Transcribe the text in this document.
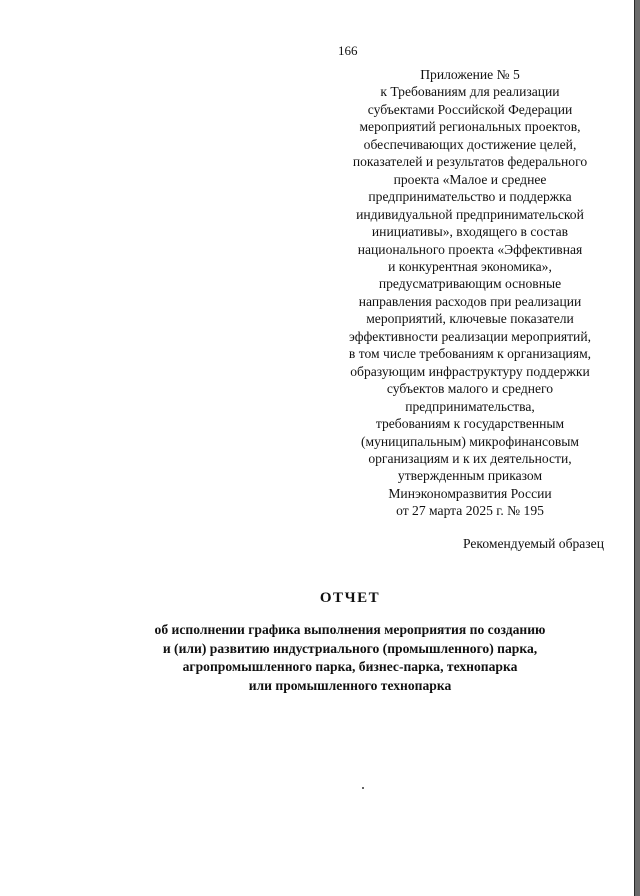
166
Приложение № 5
к Требованиям для реализации
субъектами Российской Федерации
мероприятий региональных проектов,
обеспечивающих достижение целей,
показателей и результатов федерального
проекта «Малое и среднее
предпринимательство и поддержка
индивидуальной предпринимательской
инициативы», входящего в состав
национального проекта «Эффективная
и конкурентная экономика»,
предусматривающим основные
направления расходов при реализации
мероприятий, ключевые показатели
эффективности реализации мероприятий,
в том числе требованиям к организациям,
образующим инфраструктуру поддержки
субъектов малого и среднего
предпринимательства,
требованиям к государственным
(муниципальным) микрофинансовым
организациям и к их деятельности,
утвержденным приказом
Минэкономразвития России
от 27 марта 2025 г. № 195
Рекомендуемый образец
ОТЧЕТ
об исполнении графика выполнения мероприятия по созданию
и (или) развитию индустриального (промышленного) парка,
агропромышленного парка, бизнес-парка, технопарка
или промышленного технопарка
